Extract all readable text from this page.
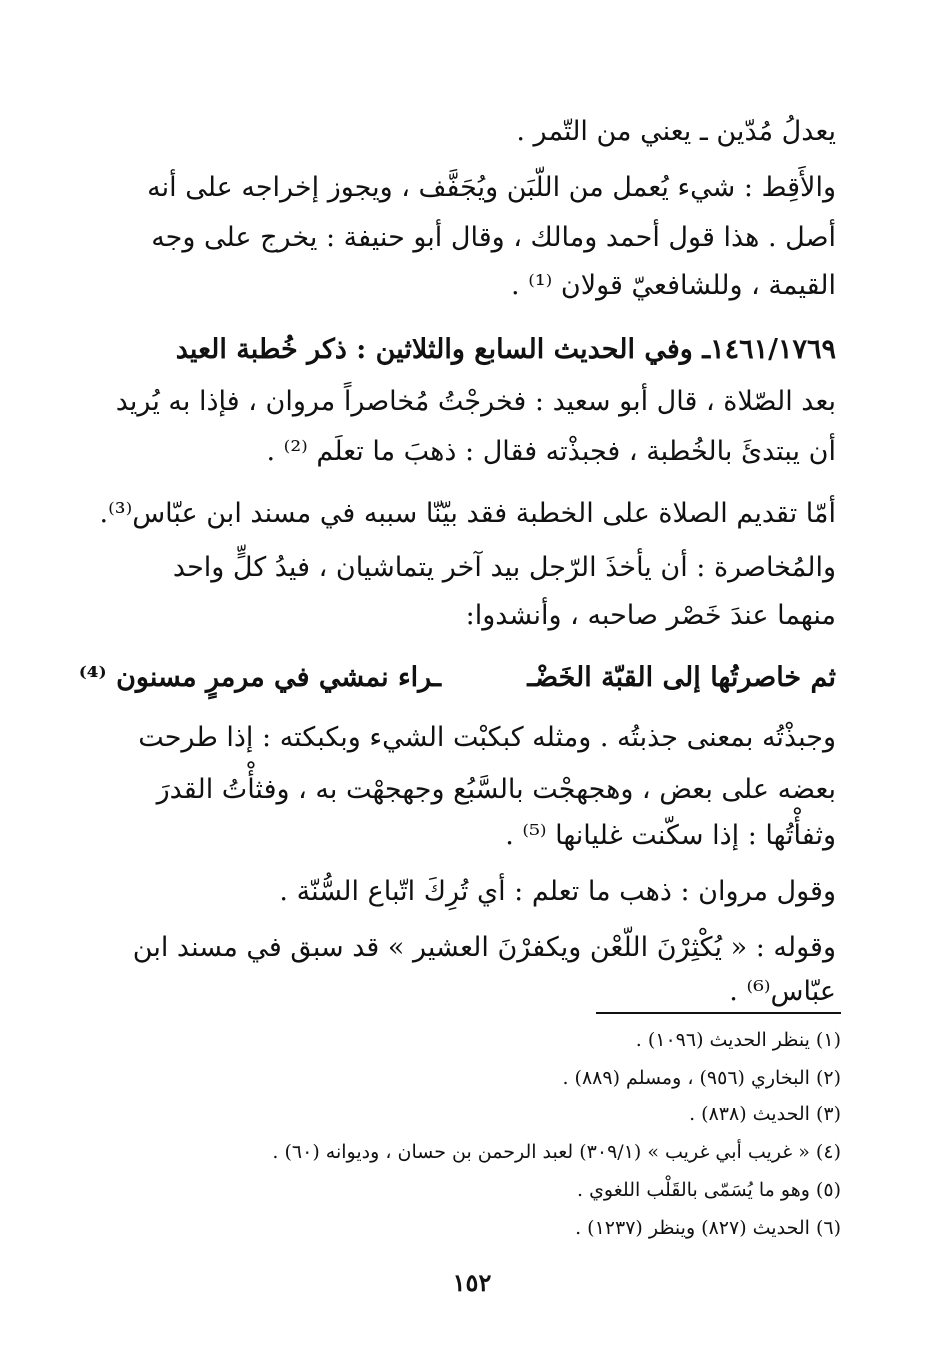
يعدلُ مُدّين ـ يعني من التّمر .
والأَقِط : شيء يُعمل من اللّبَن ويُجَفَّف ، ويجوز إخراجه على أنه
أصل . هذا قول أحمد ومالك ، وقال أبو حنيفة : يخرج على وجه
القيمة ، وللشافعيّ قولان ⁽¹⁾ .
١٤٦١/١٧٦٩ـ وفي الحديث السابع والثلاثين : ذكر خُطبة العيد
بعد الصّلاة ، قال أبو سعيد : فخرجْتُ مُخاصراً مروان ، فإذا به يُريد
أن يبتدئَ بالخُطبة ، فجبذْته فقال : ذهبَ ما تعلَم ⁽²⁾ .
أمّا تقديم الصلاة على الخطبة فقد بيّنّا سببه في مسند ابن عبّاس⁽³⁾.
والمُخاصرة : أن يأخذَ الرّجل بيد آخر يتماشيان ، فيدُ كلٍّ واحد
منهما عندَ خَصْر صاحبه ، وأنشدوا:
ثم خاصرتُها إلى القبّة الخَضْـ
ـراء نمشي في مرمرٍ مسنون ⁽⁴⁾
وجبذْتُه بمعنى جذبتُه . ومثله كبكبْت الشيء وبكبكته : إذا طرحت
بعضه على بعض ، وهجهجْت بالسَّبُع وجهجهْت به ، وفثأْتُ القدرَ
وثفأْتُها : إذا سكّنت غليانها ⁽⁵⁾ .
وقول مروان : ذهب ما تعلم : أي تُرِكَ اتّباع السُّنّة .
وقوله : « يُكْثِرْنَ اللّعْن ويكفرْنَ العشير » قد سبق في مسند ابن
عبّاس⁽⁶⁾ .
(١) ينظر الحديث (١٠٩٦) .
(٢) البخاري (٩٥٦) ، ومسلم (٨٨٩) .
(٣) الحديث (٨٣٨) .
(٤) « غريب أبي غريب » (٣٠٩/١) لعبد الرحمن بن حسان ، وديوانه (٦٠) .
(٥) وهو ما يُسَمّى بالقَلْب اللغوي .
(٦) الحديث (٨٢٧) وينظر (١٢٣٧) .
١٥٢
